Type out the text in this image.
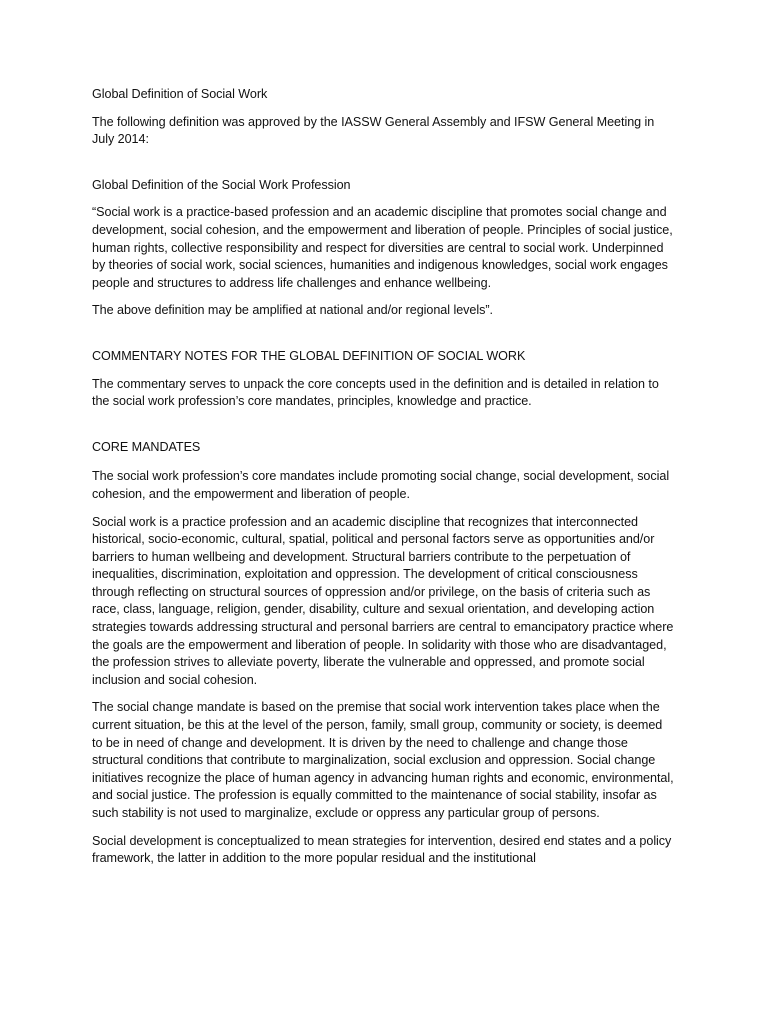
Global Definition of Social Work

The following definition was approved by the IASSW General Assembly and IFSW General Meeting in July 2014:

Global Definition of the Social Work Profession

“Social work is a practice-based profession and an academic discipline that promotes social change and development, social cohesion, and the empowerment and liberation of people. Principles of social justice, human rights, collective responsibility and respect for diversities are central to social work. Underpinned by theories of social work, social sciences, humanities and indigenous knowledges, social work engages people and structures to address life challenges and enhance wellbeing.

The above definition may be amplified at national and/or regional levels”.

COMMENTARY NOTES FOR THE GLOBAL DEFINITION OF SOCIAL WORK

The commentary serves to unpack the core concepts used in the definition and is detailed in relation to the social work profession’s core mandates, principles, knowledge and practice.

CORE MANDATES

The social work profession’s core mandates include promoting social change, social development, social cohesion, and the empowerment and liberation of people.

Social work is a practice profession and an academic discipline that recognizes that interconnected historical, socio-economic, cultural, spatial, political and personal factors serve as opportunities and/or barriers to human wellbeing and development. Structural barriers contribute to the perpetuation of inequalities, discrimination, exploitation and oppression. The development of critical consciousness through reflecting on structural sources of oppression and/or privilege, on the basis of criteria such as race, class, language, religion, gender, disability, culture and sexual orientation, and developing action strategies towards addressing structural and personal barriers are central to emancipatory practice where the goals are the empowerment and liberation of people. In solidarity with those who are disadvantaged, the profession strives to alleviate poverty, liberate the vulnerable and oppressed, and promote social inclusion and social cohesion.

The social change mandate is based on the premise that social work intervention takes place when the current situation, be this at the level of the person, family, small group, community or society, is deemed to be in need of change and development. It is driven by the need to challenge and change those structural conditions that contribute to marginalization, social exclusion and oppression. Social change initiatives recognize the place of human agency in advancing human rights and economic, environmental, and social justice. The profession is equally committed to the maintenance of social stability, insofar as such stability is not used to marginalize, exclude or oppress any particular group of persons.

Social development is conceptualized to mean strategies for intervention, desired end states and a policy framework, the latter in addition to the more popular residual and the institutional
